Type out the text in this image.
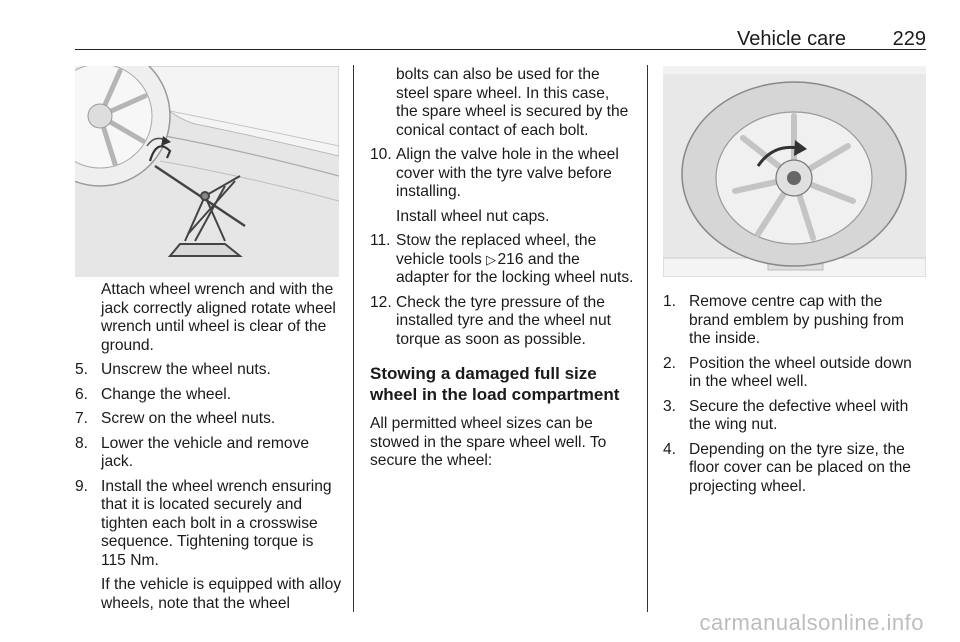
Vehicle care 229

Attach wheel wrench and with the jack correctly aligned rotate wheel wrench until wheel is clear of the ground.

5. Unscrew the wheel nuts.
6. Change the wheel.
7. Screw on the wheel nuts.
8. Lower the vehicle and remove jack.
9. Install the wheel wrench ensuring that it is located securely and tighten each bolt in a crosswise sequence. Tightening torque is 115 Nm.

If the vehicle is equipped with alloy wheels, note that the wheel

bolts can also be used for the steel spare wheel. In this case, the spare wheel is secured by the conical contact of each bolt.

10. Align the valve hole in the wheel cover with the tyre valve before installing.

Install wheel nut caps.

11. Stow the replaced wheel, the vehicle tools ▷ 216 and the adapter for the locking wheel nuts.
12. Check the tyre pressure of the installed tyre and the wheel nut torque as soon as possible.
Stowing a damaged full size wheel in the load compartment

All permitted wheel sizes can be stowed in the spare wheel well. To secure the wheel:

1. Remove centre cap with the brand emblem by pushing from the inside.
2. Position the wheel outside down in the wheel well.
3. Secure the defective wheel with the wing nut.
4. Depending on the tyre size, the floor cover can be placed on the projecting wheel.
carmanualsonline.info
